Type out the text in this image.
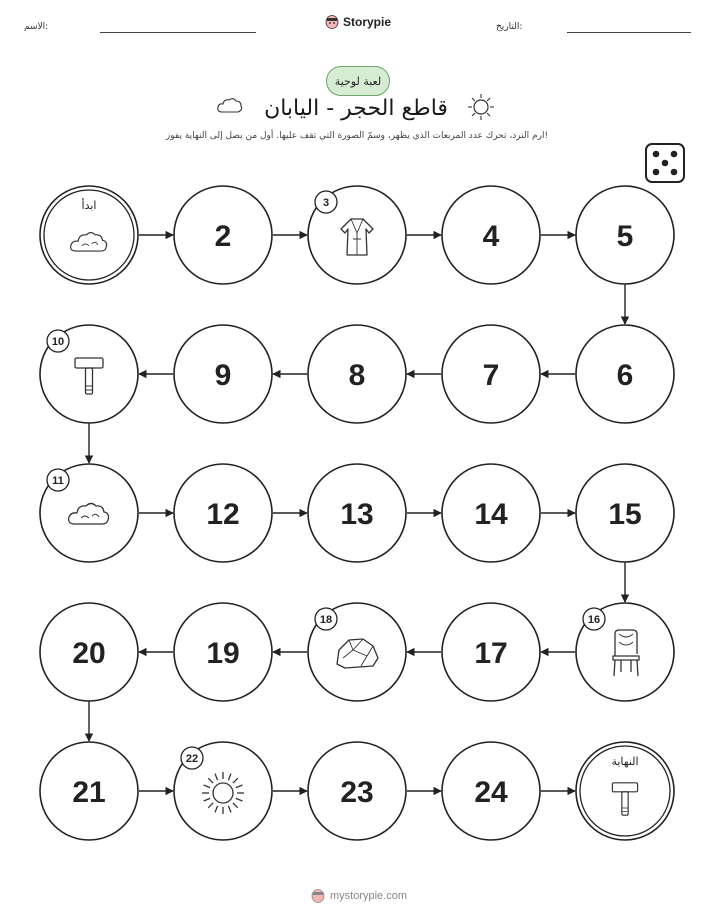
الاسم:	Storypie	التاريخ:
لعبة لوحية
قاطع الحجر - اليابان
ارم النرد، تحرك عدد المربعات الذي يظهر، وسمّ الصورة التي تقف عليها. أول من يصل إلى النهاية يفوز!
ابدأ
2
3
4	5
10
9	8	7	6
11
12	13	14	15
20	19
18
17
16
21
22
23	24
النهاية
mystorypie.com
